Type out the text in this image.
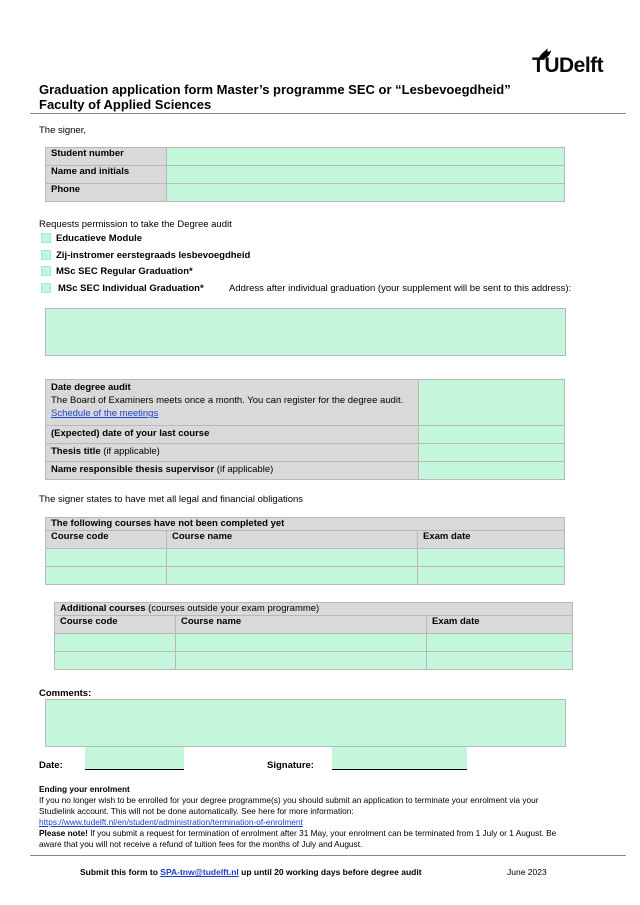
TUDelft
Graduation application form Master’s programme SEC or “Lesbevoegdheid”
Faculty of Applied Sciences
The signer,
Student number	
Name and initials	
Phone	
Requests permission to take the Degree audit
Educatieve Module
Zij-instromer eerstegraads lesbevoegdheid
MSc SEC Regular Graduation*
MSc SEC Individual Graduation*	Address after individual graduation (your supplement will be sent to this address):
Date degree audit
The Board of Examiners meets once a month. You can register for the degree audit.
Schedule of the meetings	

(Expected) date of your last course	
Thesis title (if applicable)	
Name responsible thesis supervisor (if applicable)	
The signer states to have met all legal and financial obligations
The following courses have not been completed yet		
Course code	Course name	Exam date

Additional courses (courses outside your exam programme)		
Course code	Course name	Exam date

Comments:
Date:	Signature:
Ending your enrolment
If you no longer wish to be enrolled for your degree programme(s) you should submit an application to terminate your enrolment via your
Studielink account. This will not be done automatically. See here for more information:
https://www.tudelft.nl/en/student/administration/termination-of-enrolment
Please note! If you submit a request for termination of enrolment after 31 May, your enrolment can be terminated from 1 July or 1 August. Be
aware that you will not receive a refund of tuition fees for the months of July and August.
Submit this form to SPA-tnw@tudelft.nl up until 20 working days before degree audit	June 2023
